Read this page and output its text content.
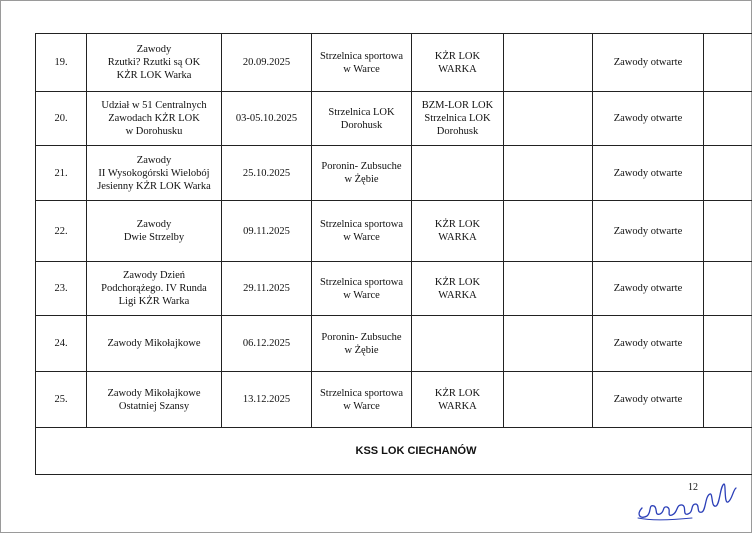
19.	Zawody
Rzutki? Rzutki są OK
KŻR LOK Warka	20.09.2025	Strzelnica sportowa
w Warce	KŻR LOK
WARKA		Zawody otwarte	
20.	Udział w 51 Centralnych
Zawodach KŻR LOK
w Dorohusku	03-05.10.2025	Strzelnica LOK
Dorohusk	BZM-LOR LOK
Strzelnica LOK
Dorohusk		Zawody otwarte	
21.	Zawody
II Wysokogórski Wielobój
Jesienny KŻR LOK Warka	25.10.2025	Poronin- Zubsuche
w Żębie			Zawody otwarte	
22.	Zawody
Dwie Strzelby	09.11.2025	Strzelnica sportowa
w Warce	KŻR LOK
WARKA		Zawody otwarte	
23.	Zawody Dzień
Podchorążego. IV Runda
Ligi KŻR Warka	29.11.2025	Strzelnica sportowa
w Warce	KŻR LOK
WARKA		Zawody otwarte	
24.	Zawody Mikołajkowe	06.12.2025	Poronin- Zubsuche
w Żębie			Zawody otwarte	
25.	Zawody Mikołajkowe
Ostatniej Szansy	13.12.2025	Strzelnica sportowa
w Warce	KŻR LOK
WARKA		Zawody otwarte	
KSS LOK CIECHANÓW							
12
